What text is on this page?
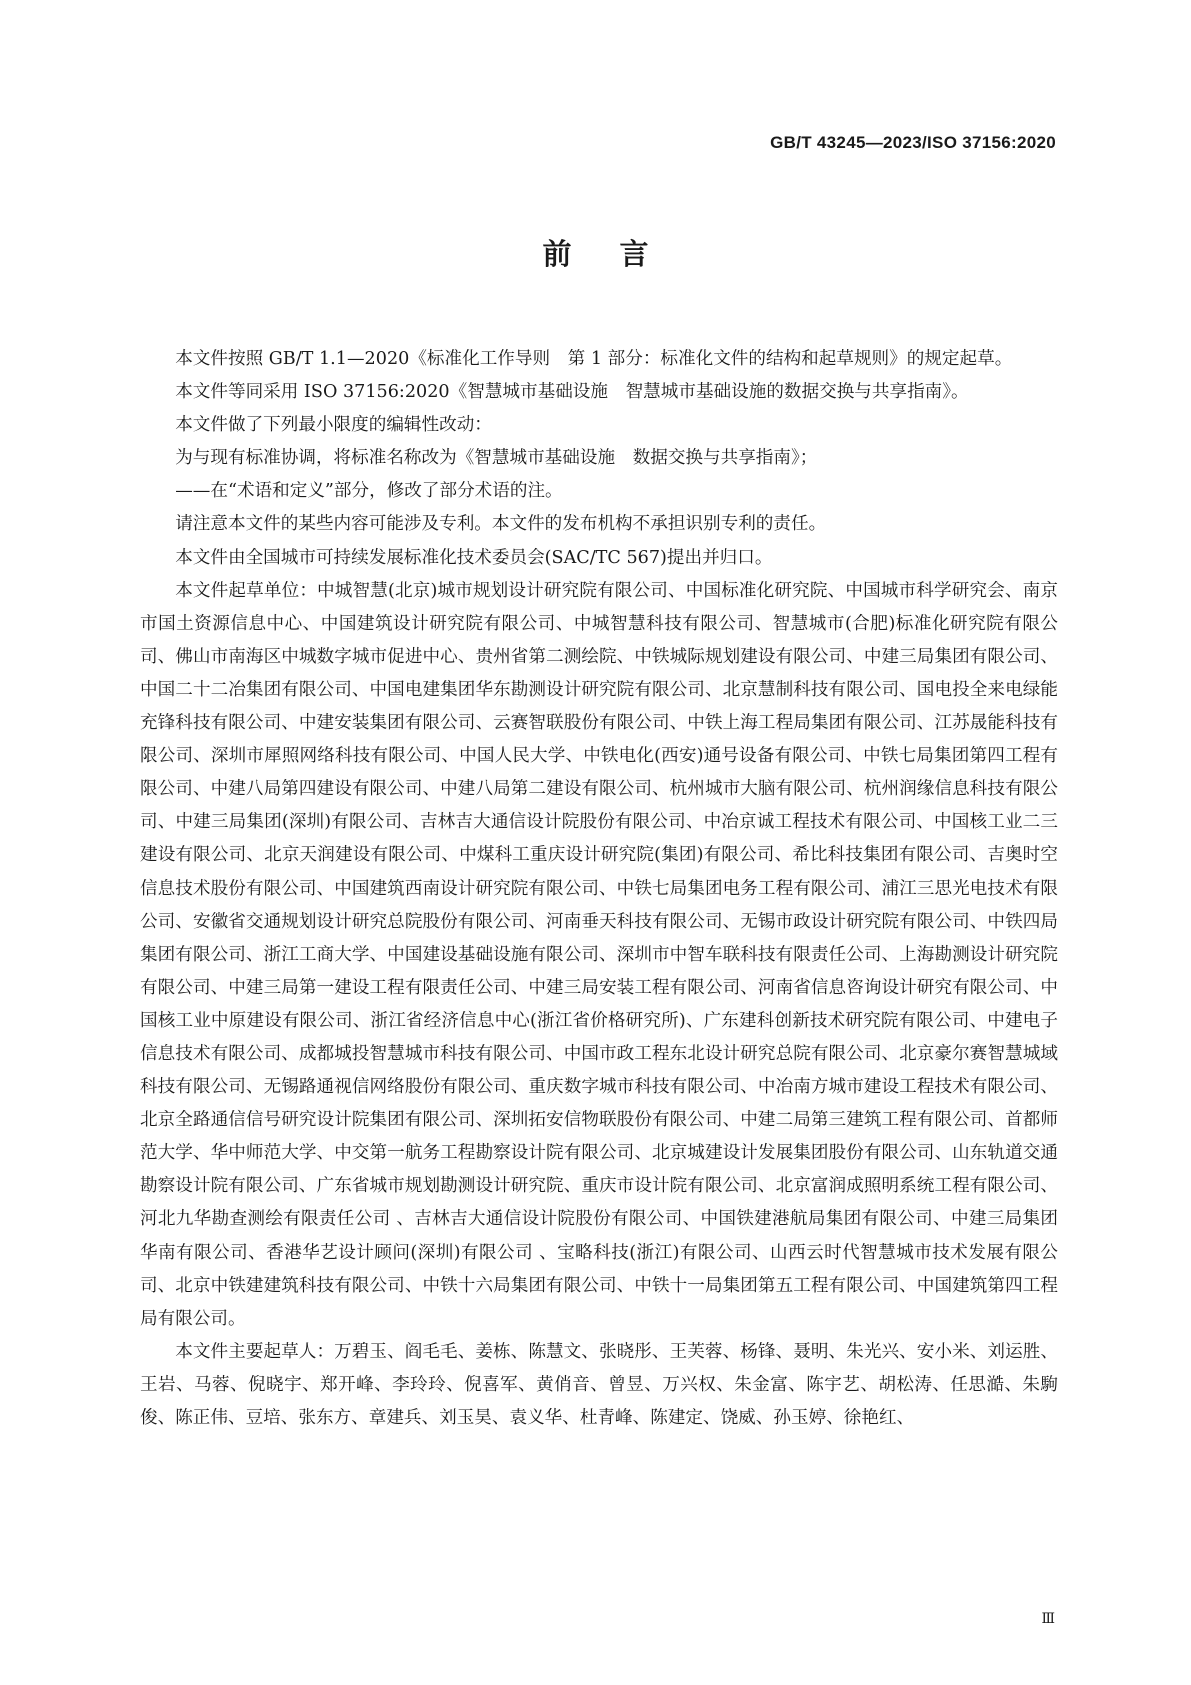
GB/T 43245—2023/ISO 37156:2020
前言

本文件按照 GB/T 1.1—2020《标准化工作导则　第 1 部分：标准化文件的结构和起草规则》的规定起草。

本文件等同采用 ISO 37156:2020《智慧城市基础设施　智慧城市基础设施的数据交换与共享指南》。

本文件做了下列最小限度的编辑性改动：

为与现有标准协调，将标准名称改为《智慧城市基础设施　数据交换与共享指南》；

——在“术语和定义”部分，修改了部分术语的注。

请注意本文件的某些内容可能涉及专利。本文件的发布机构不承担识别专利的责任。

本文件由全国城市可持续发展标准化技术委员会(SAC/TC 567)提出并归口。

本文件起草单位：中城智慧(北京)城市规划设计研究院有限公司、中国标准化研究院、中国城市科学研究会、南京市国土资源信息中心、中国建筑设计研究院有限公司、中城智慧科技有限公司、智慧城市(合肥)标准化研究院有限公司、佛山市南海区中城数字城市促进中心、贵州省第二测绘院、中铁城际规划建设有限公司、中建三局集团有限公司、中国二十二冶集团有限公司、中国电建集团华东勘测设计研究院有限公司、北京慧制科技有限公司、国电投全来电绿能充锋科技有限公司、中建安装集团有限公司、云赛智联股份有限公司、中铁上海工程局集团有限公司、江苏晟能科技有限公司、深圳市犀照网络科技有限公司、中国人民大学、中铁电化(西安)通号设备有限公司、中铁七局集团第四工程有限公司、中建八局第四建设有限公司、中建八局第二建设有限公司、杭州城市大脑有限公司、杭州润缘信息科技有限公司、中建三局集团(深圳)有限公司、吉林吉大通信设计院股份有限公司、中冶京诚工程技术有限公司、中国核工业二三建设有限公司、北京天润建设有限公司、中煤科工重庆设计研究院(集团)有限公司、希比科技集团有限公司、吉奥时空信息技术股份有限公司、中国建筑西南设计研究院有限公司、中铁七局集团电务工程有限公司、浦江三思光电技术有限公司、安徽省交通规划设计研究总院股份有限公司、河南垂天科技有限公司、无锡市政设计研究院有限公司、中铁四局集团有限公司、浙江工商大学、中国建设基础设施有限公司、深圳市中智车联科技有限责任公司、上海勘测设计研究院有限公司、中建三局第一建设工程有限责任公司、中建三局安装工程有限公司、河南省信息咨询设计研究有限公司、中国核工业中原建设有限公司、浙江省经济信息中心(浙江省价格研究所)、广东建科创新技术研究院有限公司、中建电子信息技术有限公司、成都城投智慧城市科技有限公司、中国市政工程东北设计研究总院有限公司、北京豪尔赛智慧城域科技有限公司、无锡路通视信网络股份有限公司、重庆数字城市科技有限公司、中冶南方城市建设工程技术有限公司、北京全路通信信号研究设计院集团有限公司、深圳拓安信物联股份有限公司、中建二局第三建筑工程有限公司、首都师范大学、华中师范大学、中交第一航务工程勘察设计院有限公司、北京城建设计发展集团股份有限公司、山东轨道交通勘察设计院有限公司、广东省城市规划勘测设计研究院、重庆市设计院有限公司、北京富润成照明系统工程有限公司、河北九华勘查测绘有限责任公司 、吉林吉大通信设计院股份有限公司、中国铁建港航局集团有限公司、中建三局集团华南有限公司、香港华艺设计顾问(深圳)有限公司 、宝略科技(浙江)有限公司、山西云时代智慧城市技术发展有限公司、北京中铁建建筑科技有限公司、中铁十六局集团有限公司、中铁十一局集团第五工程有限公司、中国建筑第四工程局有限公司。

本文件主要起草人：万碧玉、阎毛毛、姜栋、陈慧文、张晓彤、王芙蓉、杨锋、聂明、朱光兴、安小米、刘运胜、王岩、马蓉、倪晓宇、郑开峰、李玲玲、倪喜军、黄俏音、曾昱、万兴权、朱金富、陈宇艺、胡松涛、任思澔、朱駒俊、陈正伟、豆培、张东方、章建兵、刘玉昊、袁义华、杜青峰、陈建定、饶威、孙玉婷、徐艳红、

Ⅲ
